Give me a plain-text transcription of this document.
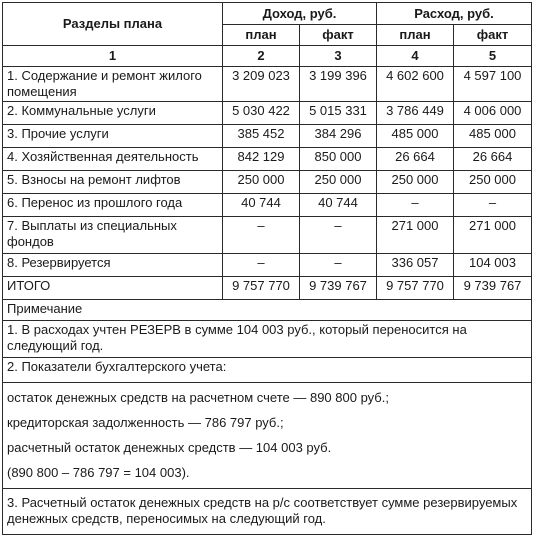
Разделы плана	Доход, руб.		Расход, руб.	
	план	факт	план	факт
1	2	3	4	5
1. Содержание и ремонт жилого помещения	3 209 023	3 199 396	4 602 600	4 597 100
2. Коммунальные услуги	5 030 422	5 015 331	3 786 449	4 006 000
3. Прочие услуги	385 452	384 296	485 000	485 000
4. Хозяйственная деятельность	842 129	850 000	26 664	26 664
5. Взносы на ремонт лифтов	250 000	250 000	250 000	250 000
6. Перенос из прошлого года	40 744	40 744	–	–
7. Выплаты из специальных фондов	–	–	271 000	271 000
8. Резервируется	–	–	336 057	104 003
ИТОГО	9 757 770	9 739 767	9 757 770	9 739 767
Примечание				
1. В расходах учтен РЕЗЕРВ в сумме 104 003 руб., который переносится на следующий год.				
2. Показатели бухгалтерского учета:				

остаток денежных средств на расчетном счете — 890 800 руб.;
кредиторская задолженность — 786 797 руб.;
расчетный остаток денежных средств — 104 003 руб.
(890 800 – 786 797 = 104 003).				

3. Расчетный остаток денежных средств на р/с соответствует сумме резервируемых денежных средств, переносимых на следующий год.				
